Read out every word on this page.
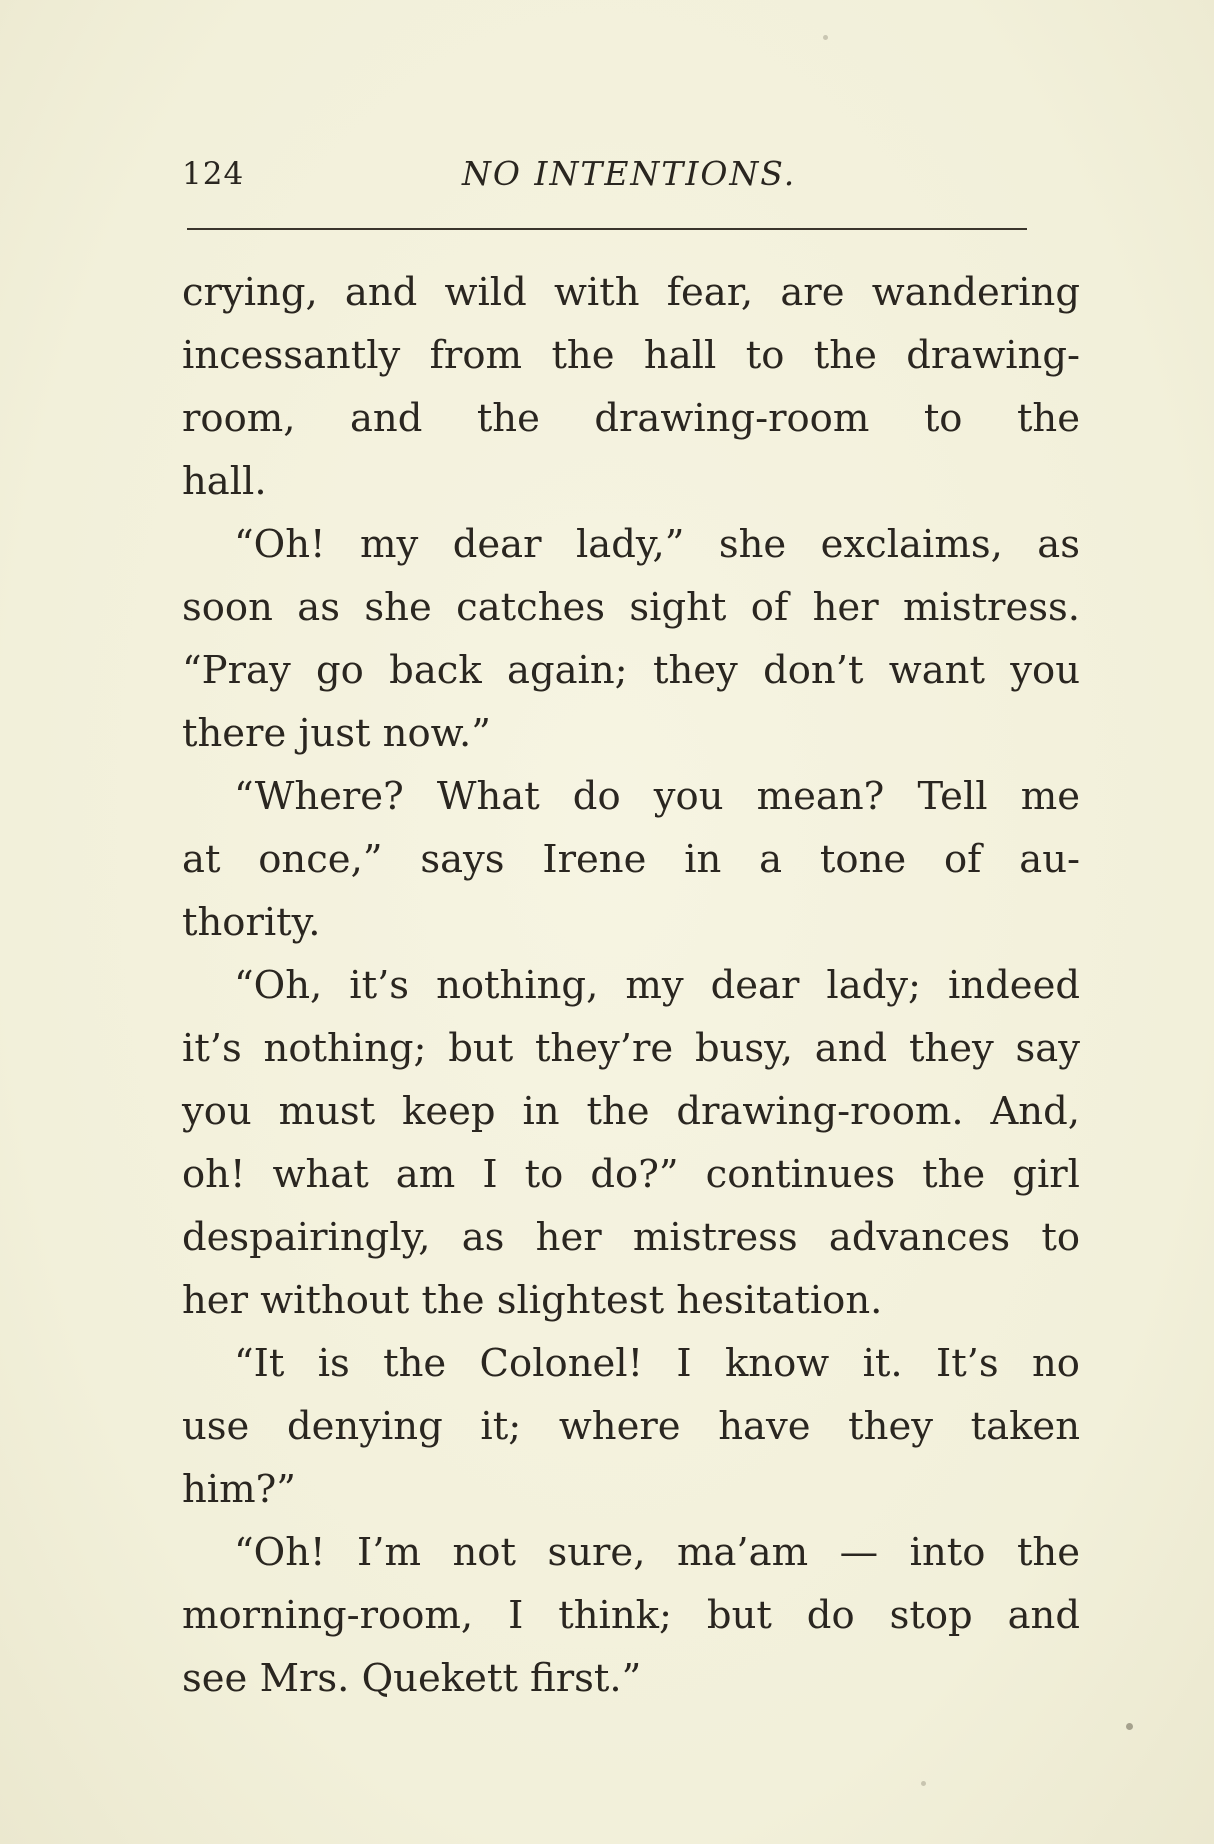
124	NO INTENTIONS.
crying, and wild with fear, are wandering
incessantly from the hall to the drawing-
room, and the drawing-room to the
hall.
“Oh! my dear lady,” she exclaims, as
soon as she catches sight of her mistress.
“Pray go back again; they don’t want you
there just now.”
“Where? What do you mean? Tell me
at once,” says Irene in a tone of au-
thority.
“Oh, it’s nothing, my dear lady; indeed
it’s nothing; but they’re busy, and they say
you must keep in the drawing-room. And,
oh! what am I to do?” continues the girl
despairingly, as her mistress advances to
her without the slightest hesitation.
“It is the Colonel! I know it. It’s no
use denying it; where have they taken
him?”
“Oh! I’m not sure, ma’am — into the
morning-room, I think; but do stop and
see Mrs. Quekett first.”
